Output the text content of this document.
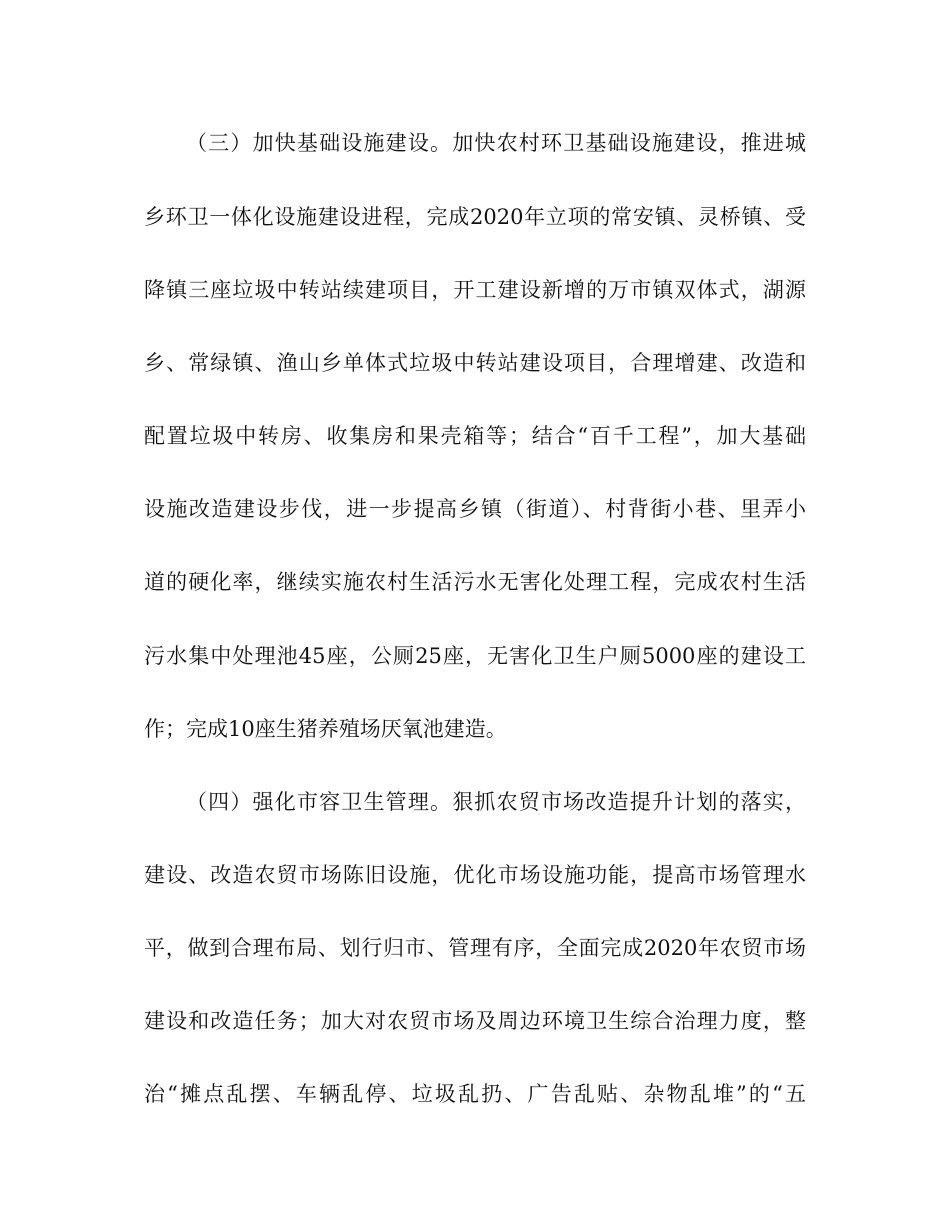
（三）加快基础设施建设。加快农村环卫基础设施建设，推进城
乡环卫一体化设施建设进程，完成2020年立项的常安镇、灵桥镇、受
降镇三座垃圾中转站续建项目，开工建设新增的万市镇双体式，湖源
乡、常绿镇、渔山乡单体式垃圾中转站建设项目，合理增建、改造和
配置垃圾中转房、收集房和果壳箱等；结合“百千工程”，加大基础
设施改造建设步伐，进一步提高乡镇（街道）、村背街小巷、里弄小
道的硬化率，继续实施农村生活污水无害化处理工程，完成农村生活
污水集中处理池45座，公厕25座，无害化卫生户厕5000座的建设工
作；完成10座生猪养殖场厌氧池建造。
（四）强化市容卫生管理。狠抓农贸市场改造提升计划的落实，
建设、改造农贸市场陈旧设施，优化市场设施功能，提高市场管理水
平，做到合理布局、划行归市、管理有序，全面完成2020年农贸市场
建设和改造任务；加大对农贸市场及周边环境卫生综合治理力度，整
治“摊点乱摆、车辆乱停、垃圾乱扔、广告乱贴、杂物乱堆”的“五
